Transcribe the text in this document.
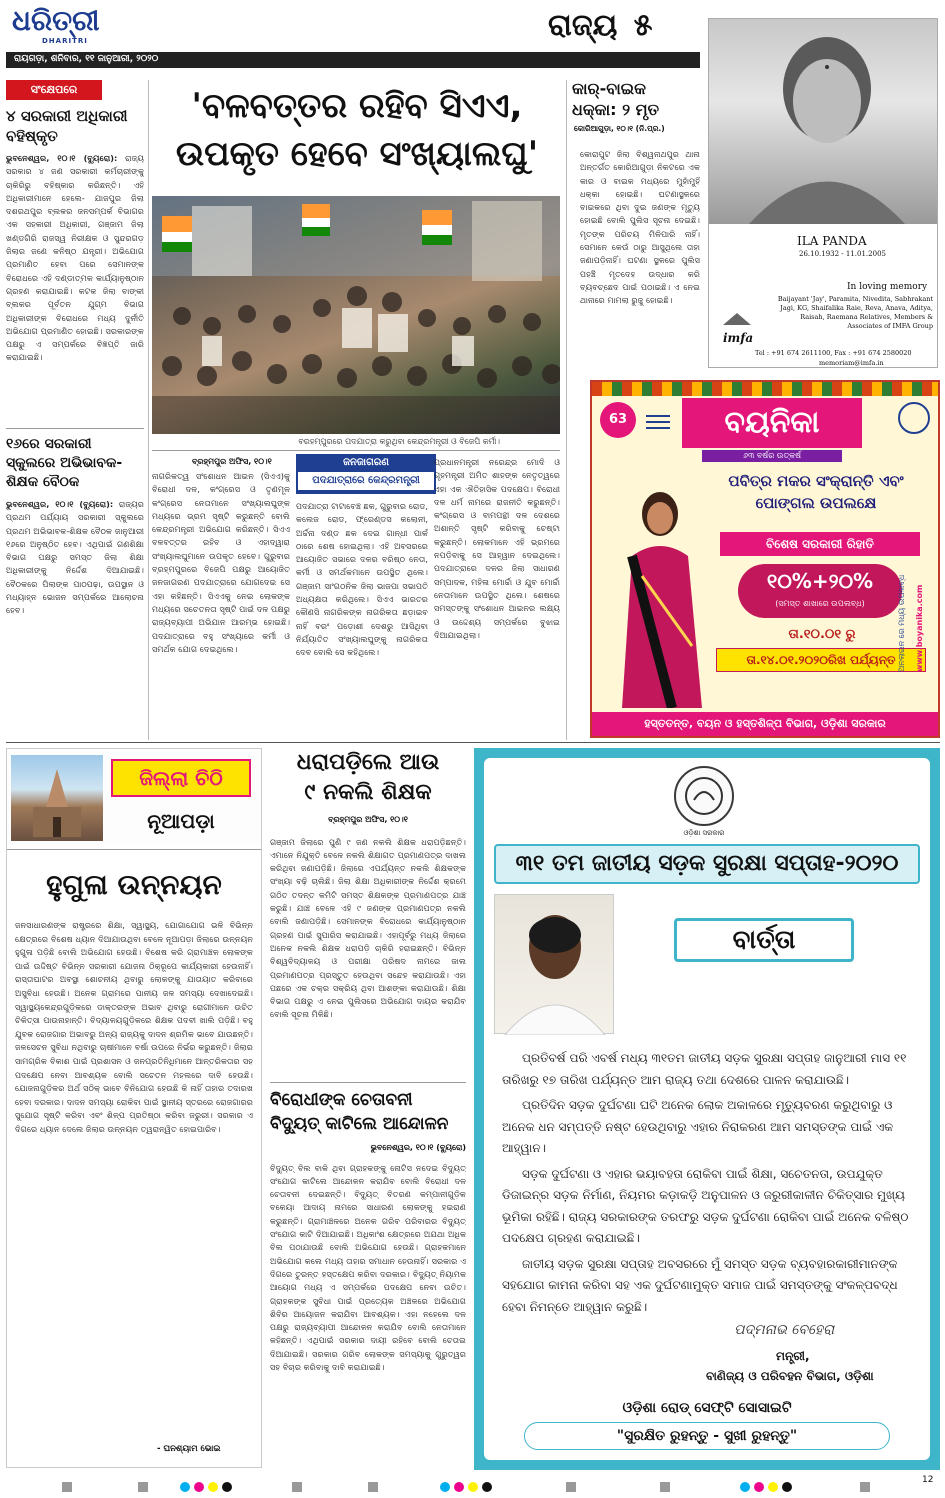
ଧରିତ୍ରୀ
DHARITRI	ରାଜ୍ୟ ୫
ରାୟଗଡ଼ା, ଶନିବାର, ୧୧ ଜାନୁଆରୀ, ୨୦୨୦
ସଂକ୍ଷେପରେ
୪ ସରକାରୀ ଅଧିକାରୀ ବହିଷ୍କୃତ
ଭୁବନେଶ୍ୱର, ୧୦।୧ (ବ୍ୟୁରୋ): ରାଜ୍ୟ ସରକାର ୪ ଜଣ ସରକାରୀ କର୍ମଚାରୀଙ୍କୁ ଚାକିରିରୁ ବହିଷ୍କାର କରିଛନ୍ତି। ଏହି ଅଧିକାରୀମାନେ ହେଲେ- ଯାଜପୁର ଜିଲା ଦଶରଥପୁର ବ୍ଲକର ଜନସମ୍ପର୍କ ବିଭାଗର ଏକ ସହକାରୀ ଅଧିକାରୀ, ଗଞ୍ଜାମ ଜିଲା ଖଣ୍ଡଗିରି ରାଜସ୍ୱ ନିରୀକ୍ଷକ ଓ ସୁନ୍ଦରଗଡ଼ ଜିଲାର ଜଣେ କନିଷ୍ଠ ଯନ୍ତ୍ରୀ। ଅଭିଯୋଗ ପ୍ରମାଣିତ ହେବା ପରେ ସେମାନଙ୍କ ବିରୋଧରେ ଏହି ଦଣ୍ଡାତ୍ମକ କାର୍ଯ୍ୟାନୁଷ୍ଠାନ ଗ୍ରହଣ କରାଯାଇଛି। କଟକ ଜିଲା ବାଙ୍କୀ ବ୍ଲକର ପୂର୍ବତନ ଯୁଗ୍ମ ବିଭାଗ ଅଧିକାରୀଙ୍କ ବିରୋଧରେ ମଧ୍ୟ ଦୁର୍ନୀତି ଅଭିଯୋଗ ପ୍ରମାଣିତ ହୋଇଛି। ସରକାରଙ୍କ ପକ୍ଷରୁ ଏ ସମ୍ପର୍କରେ ବିଜ୍ଞପ୍ତି ଜାରି କରାଯାଇଛି।
୧୬ରେ ସରକାରୀ ସ୍କୁଲରେ ଅଭିଭାବକ-ଶିକ୍ଷକ ବୈଠକ
ଭୁବନେଶ୍ୱର, ୧୦।୧ (ବ୍ୟୁରୋ): ରାଜ୍ୟର ପ୍ରଥମ ପର୍ଯ୍ୟାୟ ସରକାରୀ ସ୍କୁଲରେ ପ୍ରଥମ ଅଭିଭାବକ-ଶିକ୍ଷକ ବୈଠକ ଜାନୁଆରୀ ୧୬ରେ ଅନୁଷ୍ଠିତ ହେବ। ଏଥିପାଇଁ ଗଣଶିକ୍ଷା ବିଭାଗ ପକ୍ଷରୁ ସମସ୍ତ ଜିଲା ଶିକ୍ଷା ଅଧିକାରୀଙ୍କୁ ନିର୍ଦ୍ଦେଶ ଦିଆଯାଇଛି। ବୈଠକରେ ପିଲାଙ୍କ ପାଠପଢ଼ା, ଉପସ୍ଥାନ ଓ ମଧ୍ୟାହ୍ନ ଭୋଜନ ସମ୍ପର୍କରେ ଆଲୋଚନା ହେବ।
'ବଳବତ୍ତର ରହିବ ସିଏଏ,
ଉପକୃତ ହେବେ ସଂଖ୍ୟାଲଘୁ'
ବରହମ୍ପୁରରେ ପଦଯାତ୍ରା କରୁଥିବା କେନ୍ଦ୍ରମନ୍ତ୍ରୀ ଓ ବିଜେପି କର୍ମୀ।
ବ୍ରହ୍ମପୁର ଅଫିସ, ୧୦।୧	ଜନଜାଗରଣ
ପଦଯାତ୍ରାରେ କେନ୍ଦ୍ରମନ୍ତ୍ରୀ
ନାଗରିକତ୍ୱ ସଂଶୋଧନ ଆଇନ (ସିଏଏ)କୁ ବିରୋଧୀ ଦଳ, କଂଗ୍ରେସ ଓ ତୃଣମୂଳ କଂଗ୍ରେସ ନେତାମାନେ ସଂଖ୍ୟାଲଘୁଙ୍କ ମଧ୍ୟରେ ଭ୍ରମ ସୃଷ୍ଟି କରୁଛନ୍ତି ବୋଲି କେନ୍ଦ୍ରମନ୍ତ୍ରୀ ଅଭିଯୋଗ କରିଛନ୍ତି। ସିଏଏ ବଳବତ୍ତର ରହିବ ଓ ଏହାଦ୍ୱାରା ସଂଖ୍ୟାଲଘୁମାନେ ଉପକୃତ ହେବେ। ଗୁରୁବାର ବ୍ରହ୍ମପୁରରେ ବିଜେପି ପକ୍ଷରୁ ଆୟୋଜିତ ଜନଜାଗରଣ ପଦଯାତ୍ରାରେ ଯୋଗଦେଇ ସେ ଏହା କହିଛନ୍ତି। ସିଏଏକୁ ନେଇ ଲୋକଙ୍କ ମଧ୍ୟରେ ସଚେତନତା ସୃଷ୍ଟି ପାଇଁ ଦଳ ପକ୍ଷରୁ ରାଜ୍ୟବ୍ୟାପୀ ଅଭିଯାନ ଆରମ୍ଭ ହୋଇଛି। ପଦଯାତ୍ରାରେ ବହୁ ସଂଖ୍ୟାରେ କର୍ମୀ ଓ ସମର୍ଥକ ଯୋଗ ଦେଇଥିଲେ।
ପଦଯାତ୍ରା ଟାଟାବେଞ୍ଚ ଛକ, ଗୁରୁବାର ରୋଡ, କଲେଜ ରୋଡ, ଫ୍ରେଣ୍ଡସ କଲୋନୀ, ଅର୍ଚ୍ଚନା ଦଣ୍ଡ ଛକ ଦେଇ ଗାନ୍ଧୀ ପାର୍କ ଠାରେ ଶେଷ ହୋଇଥିଲା। ଏହି ଅବସରରେ ଆୟୋଜିତ ସଭାରେ ଦଳର ବରିଷ୍ଠ ନେତା, କର୍ମୀ ଓ ସମର୍ଥକମାନେ ଉପସ୍ଥିତ ଥିଲେ। ଗଞ୍ଜାମ ସାଂଗଠନିକ ଜିଲା ଭାଜପା ସଭାପତି ଅଧ୍ୟକ୍ଷତା କରିଥିଲେ। ସିଏଏ ଭାରତର କୌଣସି ନାଗରିକଙ୍କ ନାଗରିକତା ଛଡ଼ାଇବ ନାହିଁ ବରଂ ପଡ଼ୋଶୀ ଦେଶରୁ ଆସିଥିବା ନିର୍ଯ୍ୟାତିତ ସଂଖ୍ୟାଲଘୁଙ୍କୁ ନାଗରିକତା ଦେବ ବୋଲି ସେ କହିଥିଲେ।
ପ୍ରଧାନମନ୍ତ୍ରୀ ନରେନ୍ଦ୍ର ମୋଦି ଓ ଗୃହମନ୍ତ୍ରୀ ଅମିତ ଶାହଙ୍କ ନେତୃତ୍ୱରେ ଏହା ଏକ ଐତିହାସିକ ପଦକ୍ଷେପ। ବିରୋଧୀ ଦଳ ଧର୍ମ ନାମରେ ରାଜନୀତି କରୁଛନ୍ତି। କଂଗ୍ରେସ ଓ ବାମପନ୍ଥୀ ଦଳ ଦେଶରେ ଅଶାନ୍ତି ସୃଷ୍ଟି କରିବାକୁ ଚେଷ୍ଟା କରୁଛନ୍ତି। ଲୋକମାନେ ଏହି ଭ୍ରମରେ ନପଡ଼ିବାକୁ ସେ ଆହ୍ୱାନ ଦେଇଥିଲେ। ପଦଯାତ୍ରାରେ ଦଳର ଜିଲା ସାଧାରଣ ସମ୍ପାଦକ, ମହିଳା ମୋର୍ଚ୍ଚା ଓ ଯୁବ ମୋର୍ଚ୍ଚା ନେତାମାନେ ଉପସ୍ଥିତ ଥିଲେ। ଶେଷରେ ସମସ୍ତଙ୍କୁ ସଂଶୋଧନ ଆଇନର ଲକ୍ଷ୍ୟ ଓ ଉଦ୍ଦେଶ୍ୟ ସମ୍ପର୍କରେ ବୁଝାଇ ଦିଆଯାଇଥିଲା।
କାର୍-ବାଇକ
ଧକ୍କା: ୨ ମୃତ
କୋରିଆଗୁଡ଼ା, ୧୦।୧ (ନି.ପ୍ର.)
କୋରାପୁଟ ଜିଲା ବିଶ୍ୱନାଥପୁର ଥାନା ଅନ୍ତର୍ଗତ କୋରିଆଗୁଡ଼ା ନିକଟରେ ଏକ କାର ଓ ବାଇକ ମଧ୍ୟରେ ମୁହାଁମୁହିଁ ଧକ୍କା ହୋଇଛି। ଘଟଣାସ୍ଥଳରେ ବାଇକରେ ଥିବା ଦୁଇ ଜଣଙ୍କ ମୃତ୍ୟୁ ହୋଇଛି ବୋଲି ପୁଲିସ ସୂଚନା ଦେଇଛି। ମୃତଙ୍କ ପରିଚୟ ମିଳିପାରି ନାହିଁ। ସେମାନେ କେଉଁ ଠାରୁ ଆସୁଥିଲେ ତାହା ଜଣାପଡ଼ିନାହିଁ। ଘଟଣା ସ୍ଥଳରେ ପୁଲିସ ପହଞ୍ଚି ମୃତଦେହ ଉଦ୍ଧାର କରି ବ୍ୟବଚ୍ଛେଦ ପାଇଁ ପଠାଇଛି। ଏ ନେଇ ଥାନାରେ ମାମଲା ରୁଜୁ ହୋଇଛି।
ILA PANDA
26.10.1932 - 11.01.2005
In loving memory
Baijayant 'Jay', Paramita, Nivedita, Sabhrakant Jagi, KG, Shaifalika Raie, Reva, Anava, Aditya, Raisah, Raemana Relatives, Members & Associates of IMFA Group
imfa
Tel : +91 674 2611100, Fax : +91 674 2580020
memoriam@imfa.in
63	ବୟନିକା
୬୩ ବର୍ଷର ଉତ୍କର୍ଷ
ପବିତ୍ର ମକର ସଂକ୍ରାନ୍ତି ଏବଂ
ପୋଙ୍ଗଲ ଉପଲକ୍ଷେ
ବିଶେଷ ସରକାରୀ ରିହାତି
୧୦%+୨୦%
(ସମସ୍ତ ଶାଖାରେ ଉପଲବ୍ଧ)
ତା.୧୦.୦୧ ରୁ
ତା.୧୪.୦୧.୨୦୨୦ରିଖ ପର୍ଯ୍ୟନ୍ତ ଅନଲାଇନ ରେ ମଧ୍ୟ ଉପଲବ୍ଧ www.boyanika.com
ହସ୍ତତନ୍ତ, ବୟନ ଓ ହସ୍ତଶିଳ୍ପ ବିଭାଗ, ଓଡ଼ିଶା ସରକାର
ଜିଲ୍ଲା ଚିଠି
ନୂଆପଡ଼ା
ହୁଗୁଳା ଉନ୍ନୟନ
ଜନସାଧାରଣଙ୍କ ରାଷ୍ଟ୍ରରେ ଶିକ୍ଷା, ସ୍ୱାସ୍ଥ୍ୟ, ଯୋଗାଯୋଗ ଭଳି ବିଭିନ୍ନ କ୍ଷେତ୍ରରେ ବିଶେଷ ଧ୍ୟାନ ଦିଆଯାଉଥିବା ବେଳେ ନୂଆପଡ଼ା ଜିଲାରେ ଉନ୍ନୟନ ହୁଗୁଳା ପଡ଼ିଛି ବୋଲି ଅଭିଯୋଗ ହେଉଛି। ବିଶେଷ କରି ଗ୍ରାମାଞ୍ଚଳ ଲୋକଙ୍କ ପାଇଁ ଉଦ୍ଦିଷ୍ଟ ବିଭିନ୍ନ ସରକାରୀ ଯୋଜନା ଠିକ୍‌ରୂପେ କାର୍ଯ୍ୟକାରୀ ହେଉନାହିଁ। ରାସ୍ତାଘାଟର ଅବସ୍ଥା ଶୋଚନୀୟ ଥିବାରୁ ଲୋକଙ୍କୁ ଯାତାୟାତ କରିବାରେ ଅସୁବିଧା ହେଉଛି। ଅନେକ ଗ୍ରାମରେ ପାନୀୟ ଜଳ ସମସ୍ୟା ଦେଖାଦେଇଛି। ସ୍ୱାସ୍ଥ୍ୟକେନ୍ଦ୍ରଗୁଡ଼ିକରେ ଡାକ୍ତରଙ୍କ ଅଭାବ ଥିବାରୁ ରୋଗୀମାନେ ଉଚିତ ଚିକିତ୍ସା ପାଉନାହାନ୍ତି। ବିଦ୍ୟାଳୟଗୁଡ଼ିକରେ ଶିକ୍ଷକ ପଦବୀ ଖାଲି ପଡ଼ିଛି। ବହୁ ଯୁବକ ରୋଜଗାର ଅଭାବରୁ ଅନ୍ୟ ରାଜ୍ୟକୁ ଦାଦନ ଶ୍ରମିକ ଭାବେ ଯାଉଛନ୍ତି। ଜଳସେଚନ ସୁବିଧା ନଥିବାରୁ ଚାଷୀମାନେ ବର୍ଷା ଉପରେ ନିର୍ଭର କରୁଛନ୍ତି। ଜିଲାର ସାମଗ୍ରିକ ବିକାଶ ପାଇଁ ପ୍ରଶାସନ ଓ ଜନପ୍ରତିନିଧିମାନେ ଆନ୍ତରିକତାର ସହ ପଦକ୍ଷେପ ନେବା ଆବଶ୍ୟକ ବୋଲି ସଚେତନ ମହଲରେ ଦାବି ହେଉଛି। ଯୋଜନାଗୁଡ଼ିକର ଅର୍ଥ ସଠିକ୍ ଭାବେ ବିନିଯୋଗ ହେଉଛି କି ନାହିଁ ତାହାର ତଦାରଖ ହେବା ଦରକାର। ଦାଦନ ସମସ୍ୟା ରୋକିବା ପାଇଁ ସ୍ଥାନୀୟ ସ୍ତରରେ ରୋଜଗାରର ସୁଯୋଗ ସୃଷ୍ଟି କରିବା ଏବଂ ଶିଳ୍ପ ପ୍ରତିଷ୍ଠା କରିବା ଜରୁରୀ। ସରକାର ଏ ଦିଗରେ ଧ୍ୟାନ ଦେଲେ ଜିଲାର ଉନ୍ନୟନ ତ୍ୱରାନ୍ୱିତ ହୋଇପାରିବ।
- ଘନଶ୍ୟାମ ଭୋଇ
ଧରାପଡ଼ିଲେ ଆଉ
୯ ନକଲି ଶିକ୍ଷକ
ବ୍ରହ୍ମପୁର ଅଫିସ, ୧୦।୧
ଗଞ୍ଜାମ ଜିଲାରେ ପୁଣି ୯ ଜଣ ନକଲି ଶିକ୍ଷକ ଧରାପଡ଼ିଛନ୍ତି। ଏମାନେ ନିଯୁକ୍ତି ବେଳେ ନକଲି ଶିକ୍ଷାଗତ ପ୍ରମାଣପତ୍ର ଦାଖଲ କରିଥିବା ଜଣାପଡ଼ିଛି। ଜିଲାରେ ଏପର୍ଯ୍ୟନ୍ତ ନକଲି ଶିକ୍ଷକଙ୍କ ସଂଖ୍ୟା ବଢ଼ି ଚାଲିଛି। ଜିଲା ଶିକ୍ଷା ଅଧିକାରୀଙ୍କ ନିର୍ଦ୍ଦେଶ କ୍ରମେ ଗଠିତ ତଦନ୍ତ କମିଟି ସମସ୍ତ ଶିକ୍ଷକଙ୍କ ପ୍ରମାଣପତ୍ର ଯାଞ୍ଚ କରୁଛି। ଯାଞ୍ଚ ବେଳେ ଏହି ୯ ଜଣଙ୍କ ପ୍ରମାଣପତ୍ର ନକଲି ବୋଲି ଜଣାପଡ଼ିଛି। ସେମାନଙ୍କ ବିରୋଧରେ କାର୍ଯ୍ୟାନୁଷ୍ଠାନ ଗ୍ରହଣ ପାଇଁ ସୁପାରିସ କରାଯାଇଛି। ଏହାପୂର୍ବରୁ ମଧ୍ୟ ଜିଲାରେ ଅନେକ ନକଲି ଶିକ୍ଷକ ଧରାପଡ଼ି ଚାକିରି ହରାଇଛନ୍ତି। ବିଭିନ୍ନ ବିଶ୍ୱବିଦ୍ୟାଳୟ ଓ ପରୀକ୍ଷା ପରିଷଦ ନାମରେ ଜାଲ ପ୍ରମାଣପତ୍ର ପ୍ରସ୍ତୁତ ହେଉଥିବା ସନ୍ଦେହ କରାଯାଉଛି। ଏହା ପଛରେ ଏକ ଚକ୍ର ସକ୍ରିୟ ଥିବା ଆଶଙ୍କା କରାଯାଉଛି। ଶିକ୍ଷା ବିଭାଗ ପକ୍ଷରୁ ଏ ନେଇ ପୁଲିସରେ ଅଭିଯୋଗ ଦାୟର କରାଯିବ ବୋଲି ସୂଚନା ମିଳିଛି।
ବିରୋଧୀଙ୍କ ଚେତାବନୀ
ବିଦ୍ୟୁତ୍ କାଟିଲେ ଆନ୍ଦୋଳନ
ଭୁବନେଶ୍ୱର, ୧୦।୧ (ବ୍ୟୁରୋ)
ବିଦ୍ୟୁତ୍ ବିଲ ବାକି ଥିବା ଗ୍ରାହକଙ୍କୁ ନୋଟିସ ନଦେଇ ବିଦ୍ୟୁତ୍ ସଂଯୋଗ କାଟିଲେ ଆନ୍ଦୋଳନ କରାଯିବ ବୋଲି ବିରୋଧୀ ଦଳ ଚେତାବନୀ ଦେଇଛନ୍ତି। ବିଦ୍ୟୁତ୍ ବିତରଣ କମ୍ପାନୀଗୁଡ଼ିକ ବକେୟା ଆଦାୟ ନାମରେ ସାଧାରଣ ଲୋକଙ୍କୁ ହଇରାଣ କରୁଛନ୍ତି। ଗ୍ରାମାଞ୍ଚଳରେ ଅନେକ ଗରିବ ପରିବାରର ବିଦ୍ୟୁତ୍ ସଂଯୋଗ କାଟି ଦିଆଯାଇଛି। ଅଧିକାଂଶ କ୍ଷେତ୍ରରେ ଅଯଥା ଅଧିକ ବିଲ ପଠାଯାଉଛି ବୋଲି ଅଭିଯୋଗ ହେଉଛି। ଗ୍ରାହକମାନେ ଅଭିଯୋଗ କଲେ ମଧ୍ୟ ତାହାର ସମାଧାନ ହେଉନାହିଁ। ସରକାର ଏ ଦିଗରେ ତୁରନ୍ତ ହସ୍ତକ୍ଷେପ କରିବା ଦରକାର। ବିଦ୍ୟୁତ୍ ନିୟାମକ ଆୟୋଗ ମଧ୍ୟ ଏ ସମ୍ପର୍କରେ ପଦକ୍ଷେପ ନେବା ଉଚିତ। ଗ୍ରାହକଙ୍କ ସୁବିଧା ପାଇଁ ପ୍ରତ୍ୟେକ ଅଞ୍ଚଳରେ ଅଭିଯୋଗ ଶିବିର ଆୟୋଜନ କରାଯିବା ଆବଶ୍ୟକ। ଏହା ନହେଲେ ଦଳ ପକ୍ଷରୁ ରାଜ୍ୟବ୍ୟାପୀ ଆନ୍ଦୋଳନ କରାଯିବ ବୋଲି ନେତାମାନେ କହିଛନ୍ତି। ଏଥିପାଇଁ ସରକାର ଦାୟୀ ରହିବେ ବୋଲି ଚେତାଇ ଦିଆଯାଇଛି। ସରକାର ଗରିବ ଲୋକଙ୍କ ସମସ୍ୟାକୁ ଗୁରୁତ୍ୱର ସହ ବିଚାର କରିବାକୁ ଦାବି କରାଯାଇଛି।
ଓଡ଼ିଶା ସରକାର
୩୧ ତମ ଜାତୀୟ ସଡ଼କ ସୁରକ୍ଷା ସପ୍ତାହ-୨୦୨୦
ବାର୍ତ୍ତା

ପ୍ରତିବର୍ଷ ପରି ଏବର୍ଷ ମଧ୍ୟ ୩୧ତମ ଜାତୀୟ ସଡ଼କ ସୁରକ୍ଷା ସପ୍ତାହ ଜାନୁଆରୀ ମାସ ୧୧ ତାରିଖରୁ ୧୭ ତାରିଖ ପର୍ଯ୍ୟନ୍ତ ଆମ ରାଜ୍ୟ ତଥା ଦେଶରେ ପାଳନ କରାଯାଉଛି।

ପ୍ରତିଦିନ ସଡ଼କ ଦୁର୍ଘଟଣା ଘଟି ଅନେକ ଲୋକ ଅକାଳରେ ମୃତ୍ୟୁବରଣ କରୁଥିବାରୁ ଓ ଅନେକ ଧନ ସମ୍ପତ୍ତି ନଷ୍ଟ ହେଉଥିବାରୁ ଏହାର ନିରାକରଣ ଆମ ସମସ୍ତଙ୍କ ପାଇଁ ଏକ ଆହ୍ୱାନ।

ସଡ଼କ ଦୁର୍ଘଟଣା ଓ ଏହାର ଭୟାବହତା ରୋକିବା ପାଇଁ ଶିକ୍ଷା, ସଚେତନତା, ଉପଯୁକ୍ତ ଡିଜାଇନ୍‌ର ସଡ଼କ ନିର୍ମାଣ, ନିୟମର କଡ଼ାକଡ଼ି ଅନୁପାଳନ ଓ ଜରୁରୀକାଳୀନ ଚିକିତ୍ସାର ମୁଖ୍ୟ ଭୂମିକା ରହିଛି। ରାଜ୍ୟ ସରକାରଙ୍କ ତରଫରୁ ସଡ଼କ ଦୁର୍ଘଟଣା ରୋକିବା ପାଇଁ ଅନେକ ବଳିଷ୍ଠ ପଦକ୍ଷେପ ଗ୍ରହଣ କରାଯାଇଛି।

ଜାତୀୟ ସଡ଼କ ସୁରକ୍ଷା ସପ୍ତାହ ଅବସରରେ ମୁଁ ସମସ୍ତ ସଡ଼କ ବ୍ୟବହାରକାରୀମାନଙ୍କ ସହଯୋଗ କାମନା କରିବା ସହ ଏକ ଦୁର୍ଘଟଣାମୁକ୍ତ ସମାଜ ପାଇଁ ସମସ୍ତଙ୍କୁ ସଂକଳ୍ପବଦ୍ଧ ହେବା ନିମନ୍ତେ ଆହ୍ୱାନ କରୁଛି।

ପଦ୍ମନାଭ ବେହେରା
ମନ୍ତ୍ରୀ,
ବାଣିଜ୍ୟ ଓ ପରିବହନ ବିଭାଗ, ଓଡ଼ିଶା
ଓଡ଼ିଶା ରୋଡ୍ ସେଫ୍ଟି ସୋସାଇଟି
"ସୁରକ୍ଷିତ ରୁହନ୍ତୁ - ସୁଖୀ ରୁହନ୍ତୁ"
12
